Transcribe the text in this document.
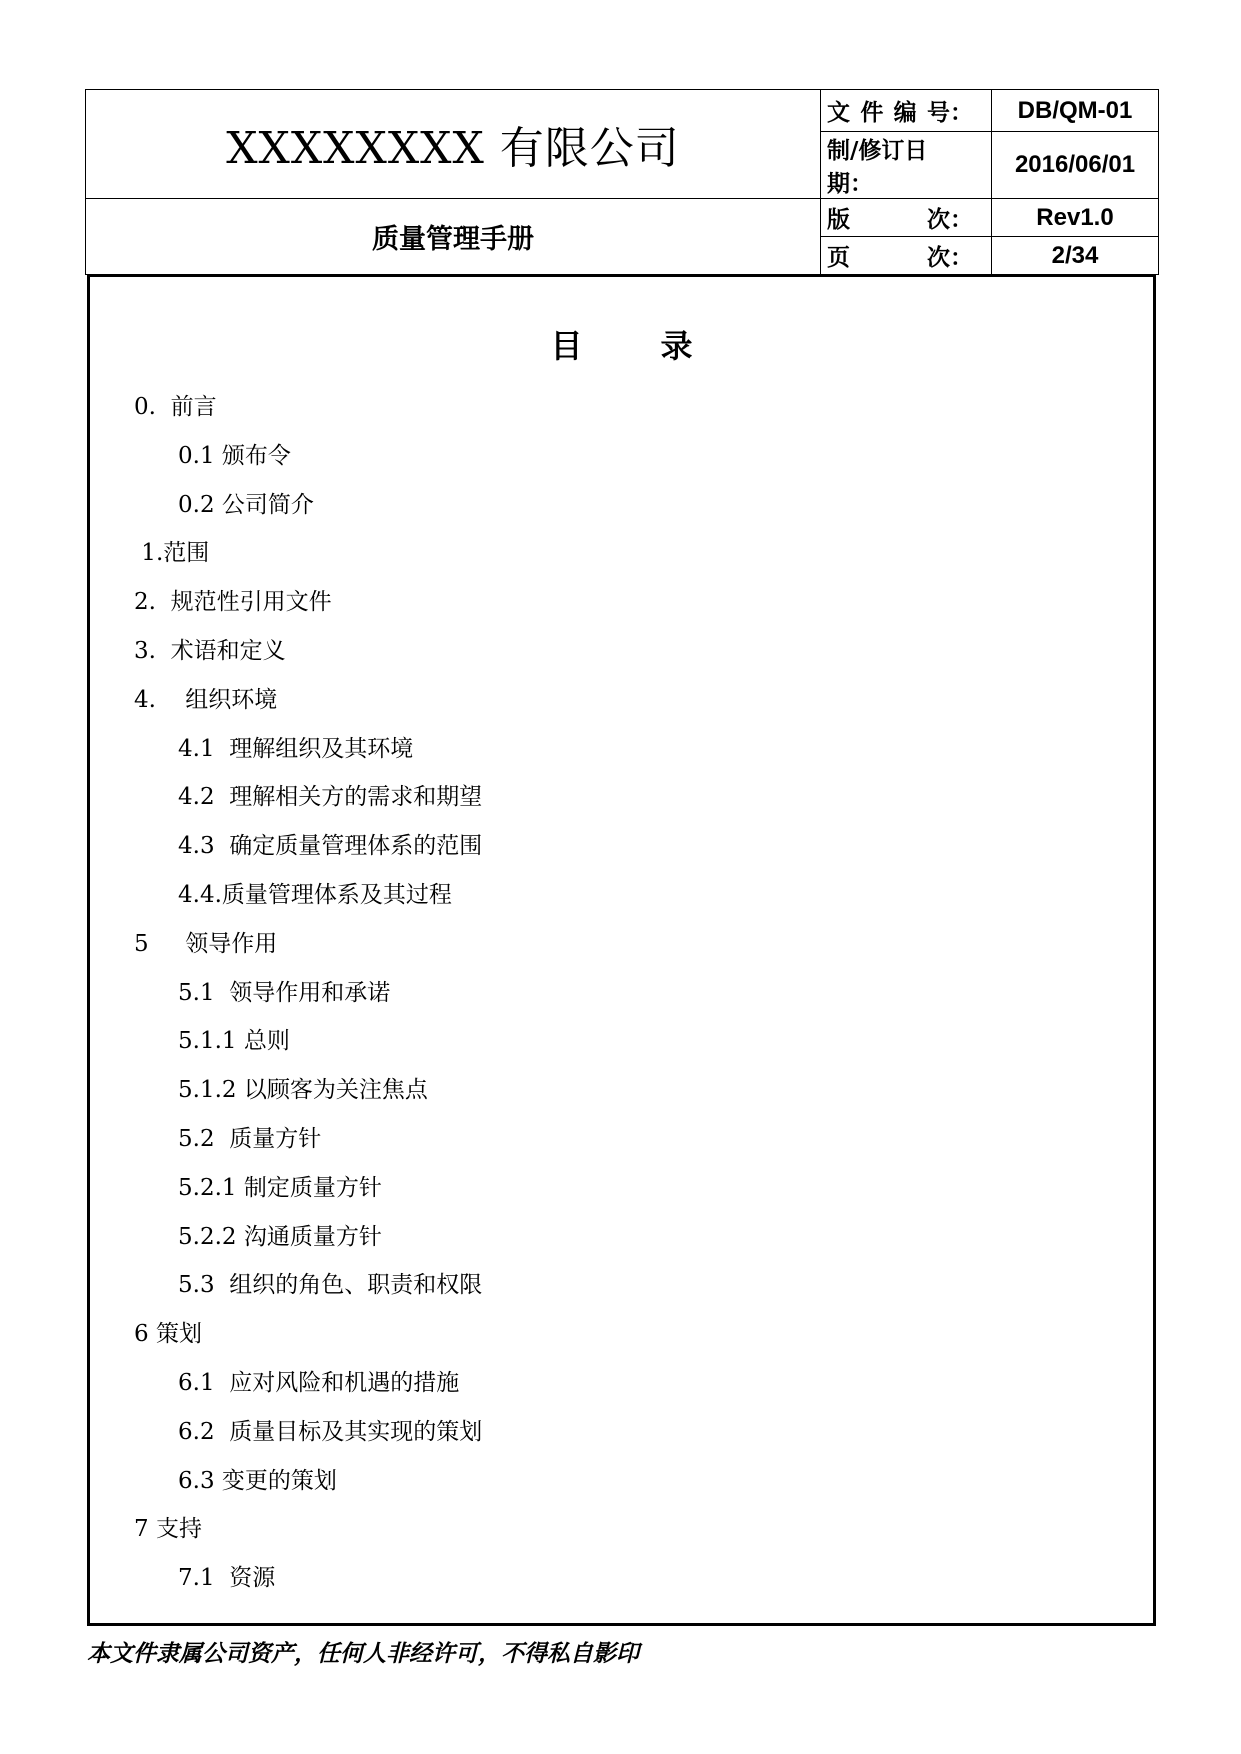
XXXXXXXX 有限公司	文 件 编 号：	DB/QM-01

	制/修订日期：	2016/06/01
质量管理手册	版 次：	Rev1.0

	页 次：	2/34
目录
0.  前言
0.1 颁布令
0.2 公司简介
1.范围
2.  规范性引用文件
3.  术语和定义
4.    组织环境
4.1  理解组织及其环境
4.2  理解相关方的需求和期望
4.3  确定质量管理体系的范围
4.4.质量管理体系及其过程
5     领导作用
5.1  领导作用和承诺
5.1.1 总则
5.1.2 以顾客为关注焦点
5.2  质量方针
5.2.1 制定质量方针
5.2.2 沟通质量方针
5.3  组织的角色、职责和权限
6 策划
6.1  应对风险和机遇的措施
6.2  质量目标及其实现的策划
6.3 变更的策划
7 支持
7.1  资源
本文件隶属公司资产，任何人非经许可，不得私自影印
